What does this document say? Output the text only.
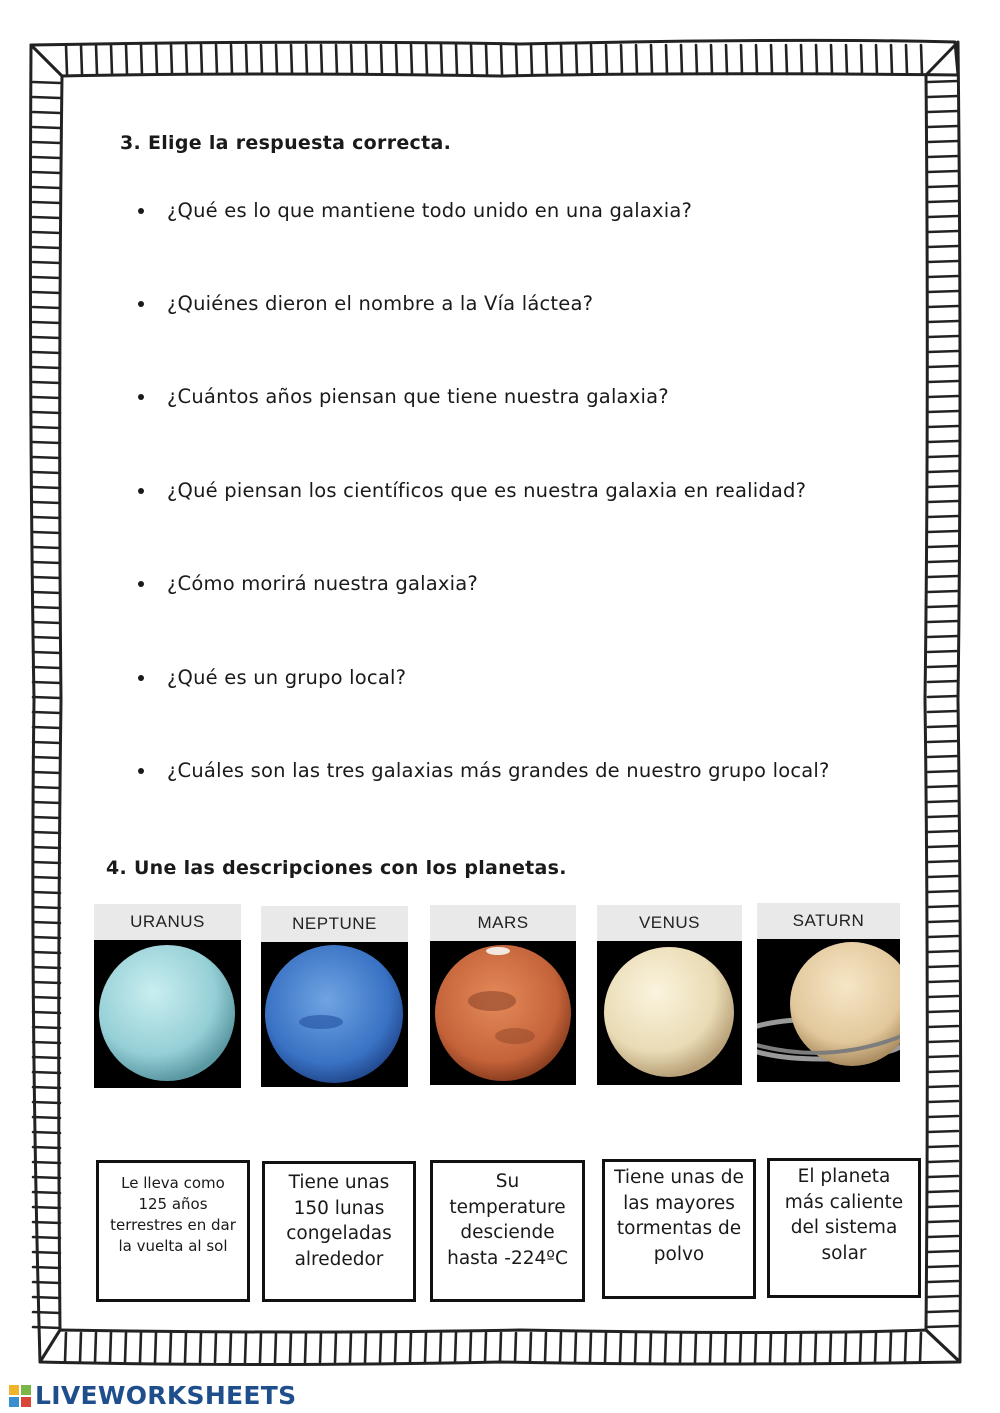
3. Elige la respuesta correcta.
¿Qué es lo que mantiene todo unido en una galaxia?
¿Quiénes dieron el nombre a la Vía láctea?
¿Cuántos años piensan que tiene nuestra galaxia?
¿Qué piensan los científicos que es nuestra galaxia en realidad?
¿Cómo morirá nuestra galaxia?
¿Qué es un grupo local?
¿Cuáles son las tres galaxias más grandes de nuestro grupo local?
4. Une las descripciones con los planetas.
URANUS	NEPTUNE	MARS	VENUS	SATURN
Le lleva como 125 años terrestres en dar la vuelta al sol
Tiene unas 150 lunas congeladas alrededor
Su temperature desciende hasta -224ºC
Tiene unas de las mayores tormentas de polvo
El planeta más caliente del sistema solar
LIVEWORKSHEETS
